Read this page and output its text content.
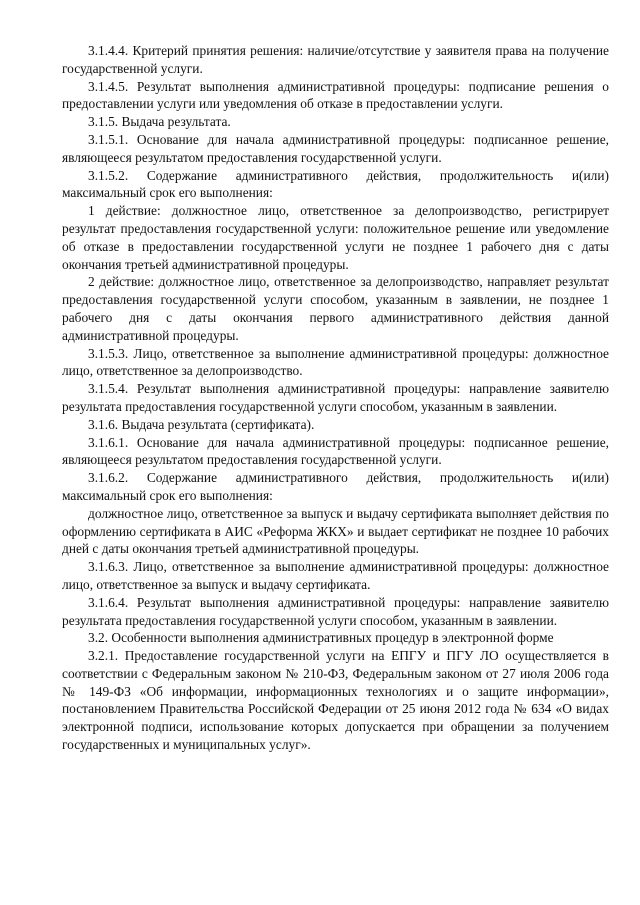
3.1.4.4. Критерий принятия решения: наличие/отсутствие у заявителя права на получение государственной услуги.

3.1.4.5. Результат выполнения административной процедуры: подписание решения о предоставлении услуги или уведомления об отказе в предоставлении услуги.

3.1.5. Выдача результата.

3.1.5.1. Основание для начала административной процедуры: подписанное решение, являющееся результатом предоставления государственной услуги.

3.1.5.2. Содержание административного действия, продолжительность и(или) максимальный срок его выполнения:

1 действие: должностное лицо, ответственное за делопроизводство, регистрирует результат предоставления государственной услуги: положительное решение или уведомление об отказе в предоставлении государственной услуги не позднее 1 рабочего дня с даты окончания третьей административной процедуры.

2 действие: должностное лицо, ответственное за делопроизводство, направляет результат предоставления государственной услуги способом, указанным в заявлении, не позднее 1 рабочего дня с даты окончания первого административного действия данной административной процедуры.

3.1.5.3. Лицо, ответственное за выполнение административной процедуры: должностное лицо, ответственное за делопроизводство.

3.1.5.4. Результат выполнения административной процедуры: направление заявителю результата предоставления государственной услуги способом, указанным в заявлении.

3.1.6. Выдача результата (сертификата).

3.1.6.1. Основание для начала административной процедуры: подписанное решение, являющееся результатом предоставления государственной услуги.

3.1.6.2. Содержание административного действия, продолжительность и(или) максимальный срок его выполнения:

должностное лицо, ответственное за выпуск и выдачу сертификата выполняет действия по оформлению сертификата в АИС «Реформа ЖКХ» и выдает сертификат не позднее 10 рабочих дней с даты окончания третьей административной процедуры.

3.1.6.3. Лицо, ответственное за выполнение административной процедуры: должностное лицо, ответственное за выпуск и выдачу сертификата.

3.1.6.4. Результат выполнения административной процедуры: направление заявителю результата предоставления государственной услуги способом, указанным в заявлении.

3.2. Особенности выполнения административных процедур в электронной форме

3.2.1. Предоставление государственной услуги на ЕПГУ и ПГУ ЛО осуществляется в соответствии с Федеральным законом № 210-ФЗ, Федеральным законом от 27 июля 2006 года № 149-ФЗ «Об информации, информационных технологиях и о защите информации», постановлением Правительства Российской Федерации от 25 июня 2012 года № 634 «О видах электронной подписи, использование которых допускается при обращении за получением государственных и муниципальных услуг».
